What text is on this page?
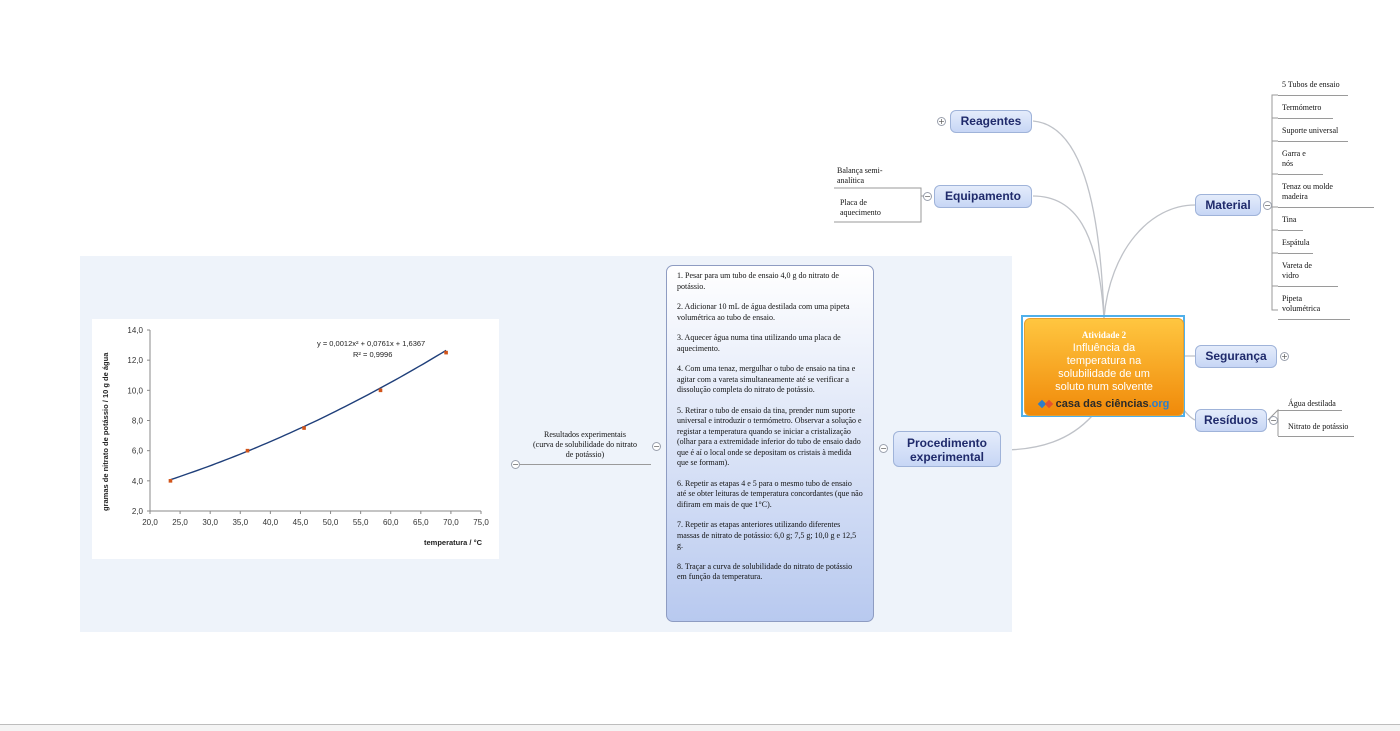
20,0 25,0 30,0 35,0 40,0 45,0 50,0 55,0 60,0 65,0 70,0 75,0
2,0
4,0
6,0
8,0
10,0
12,0
14,0
y = 0,0012x² + 0,0761x + 1,6367
R² = 0,9996
temperatura / °C
gramas de nitrato de potássio / 10 g de água	−
Resultados experimentais
(curva de solubilidade do nitrato
de potássio)
−

1. Pesar para um tubo de ensaio 4,0 g do nitrato de potássio.

2. Adicionar 10 mL de água destilada com uma pipeta volumétrica ao tubo de ensaio.

3. Aquecer água numa tina utilizando uma placa de aquecimento.

4. Com uma tenaz, mergulhar o tubo de ensaio na tina e agitar com a vareta simultaneamente até se verificar a dissolução completa do nitrato de potássio.

5. Retirar o tubo de ensaio da tina, prender num suporte universal e introduzir o termómetro. Observar a solução e registar a temperatura quando se iniciar a cristalização (olhar para a extremidade inferior do tubo de ensaio dado que é aí o local onde se depositam os cristais à medida que se formam).

6. Repetir as etapas 4 e 5 para o mesmo tubo de ensaio até se obter leituras de temperatura concordantes (que não difiram em mais de que 1°C).

7. Repetir as etapas anteriores utilizando diferentes massas de nitrato de potássio: 6,0 g; 7,5 g; 10,0 g e 12,5 g.

8. Traçar a curva de solubilidade do nitrato de potássio em função da temperatura.

−	Procedimento
experimental
Atividade 2
Influência da
temperatura na
solubilidade de um
soluto num solvente
casa das ciências.org
+	Reagentes
−	Equipamento
Balança semi-
analítica
Placa de
aquecimento
Material	−
5 Tubos de ensaio
Termómetro
Suporte universal
Garra e
nós
Tenaz ou molde
madeira
Tina
Espátula
Vareta de
vidro
Pipeta
volumétrica
Segurança	+
Resíduos	−
Água destilada
Nitrato de potássio
